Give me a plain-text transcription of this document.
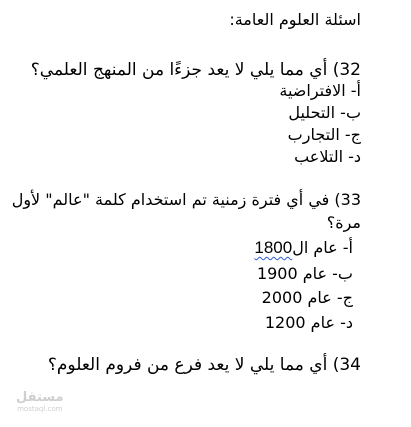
اسئلة العلوم العامة:
32) أي مما يلي لا يعد جزءًا من المنهج العلمي؟
أ- الافتراضية
ب- التحليل
ج- التجارب
د- التلاعب
33) في أي فترة زمنية تم استخدام كلمة "عالم" لأول
مرة؟
أ- عام ال1800
ب- عام 1900
ج- عام 2000
د- عام 1200
34) أي مما يلي لا يعد فرع من فروم العلوم؟
مستقل
mostaql.com
